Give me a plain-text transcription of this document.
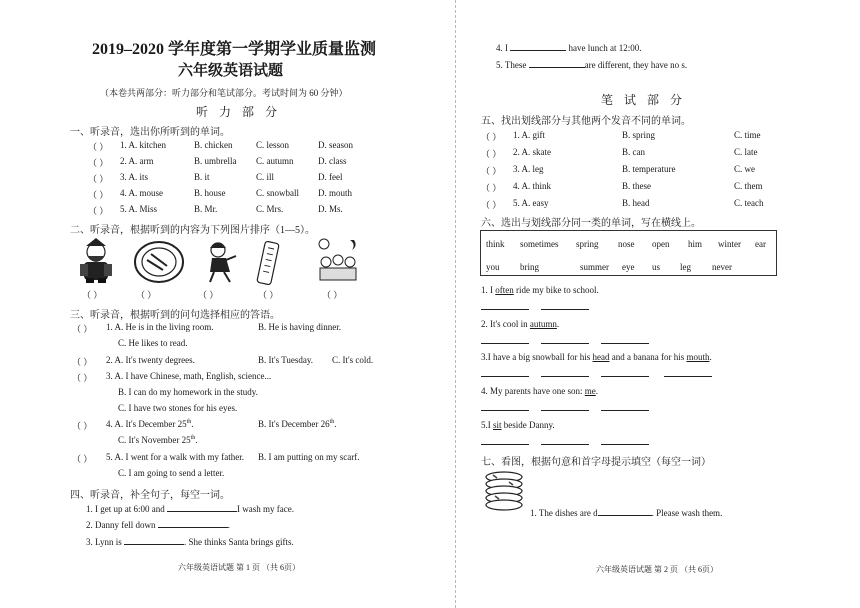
2019–2020 学年度第一学期学业质量监测
六年级英语试题
（本卷共两部分：听力部分和笔试部分。考试时间为 60 分钟）
听 力 部 分
一、听录音，选出你所听到的单词。
（ ） 1. A. kitchen	B. chicken	C. lesson	D. season
（ ） 2. A. arm	B. umbrella C. autumn	D. class
（ ） 3. A. its	B. it	C. ill	D. feel
（ ） 4. A. mouse	B. house	C. snowball D. mouth
（ ） 5. A. Miss	B. Mr.	C. Mrs.	D. Ms.
二、听录音，根据听到的内容为下列图片排序（1—5）。
（ ）	（ ）	（ ）	（ ）	（ ）
三、听录音，根据听到的问句选择相应的答语。
（ ） 1. A. He is in the living room.	B. He is having dinner.
C. He likes to read.
（ ） 2. A. It's twenty degrees.	B. It's Tuesday. C. It's cold.
（ ） 3. A. I have Chinese, math, English, science...
B. I can do my homework in the study.
C. I have two stones for his eyes.
（ ） 4. A. It's December 25th.	B. It's December 26th.
C. It's November 25th.
（ ） 5. A. I went for a walk with my father. B. I am putting on my scarf.
C. I am going to send a letter.
四、听录音，补全句子，每空一词。
1. I get up at 6:00 and	I wash my face.
2. Danny fell down	.
3. Lynn is	. She thinks Santa brings gifts.
六年级英语试题 第 1 页 （共 6页）
4. I	have lunch at 12:00.
5. These	are different, they have no s.
笔 试 部 分
五、找出划线部分与其他两个发音不同的单词。
（ ） 1. A. gift	B. spring	C. time
（ ） 2. A. skate	B. can	C. late
（ ） 3. A. leg	B. temperature	C. we
（ ） 4. A. think	B. these	C. them
（ ） 5. A. easy	B. head	C. teach
六、选出与划线部分同一类的单词，写在横线上。
think sometimes spring nose open him winter ear
you bring	summer eye us leg never
1. I often ride my bike to school.
2. It's cool in autumn.
3.I have a big snowball for his head and a banana for his mouth.
4. My parents have one son: me.
5.I sit beside Danny.
七、看图，根据句意和首字母提示填空（每空一词）
1. The dishes are d	. Please wash them.
六年级英语试题 第 2 页 （共 6页）
